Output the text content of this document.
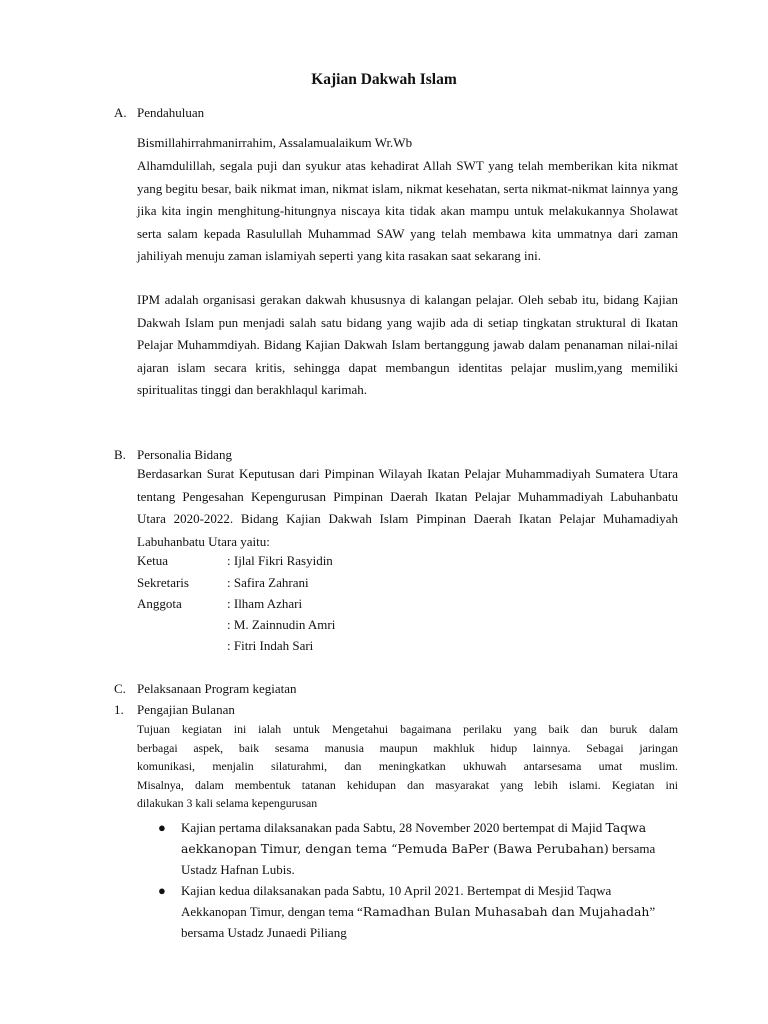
Kajian Dakwah Islam
A. Pendahuluan
Bismillahirrahmanirrahim, Assalamualaikum Wr.Wb
Alhamdulillah, segala puji dan syukur atas kehadirat Allah SWT yang telah memberikan kita nikmat yang begitu besar, baik nikmat iman, nikmat islam, nikmat kesehatan, serta nikmat-nikmat lainnya yang jika kita ingin menghitung-hitungnya niscaya kita tidak akan mampu untuk melakukannya Sholawat serta salam kepada Rasulullah Muhammad SAW yang telah membawa kita ummatnya dari zaman jahiliyah menuju zaman islamiyah seperti yang kita rasakan saat sekarang ini.
IPM adalah organisasi gerakan dakwah khususnya di kalangan pelajar. Oleh sebab itu, bidang Kajian Dakwah Islam pun menjadi salah satu bidang yang wajib ada di setiap tingkatan struktural di Ikatan Pelajar Muhammdiyah. Bidang Kajian Dakwah Islam bertanggung jawab dalam penanaman nilai-nilai ajaran islam secara kritis, sehingga dapat membangun identitas pelajar muslim,yang memiliki spiritualitas tinggi dan berakhlaqul karimah.
B. Personalia Bidang
Berdasarkan Surat Keputusan dari Pimpinan Wilayah Ikatan Pelajar Muhammadiyah Sumatera Utara tentang Pengesahan Kepengurusan Pimpinan Daerah Ikatan Pelajar Muhammadiyah Labuhanbatu Utara 2020-2022. Bidang Kajian Dakwah Islam Pimpinan Daerah Ikatan Pelajar Muhamadiyah Labuhanbatu Utara yaitu:
Ketua	: Ijlal Fikri Rasyidin
Sekretaris	: Safira Zahrani
Anggota	: Ilham Azhari
: M. Zainnudin Amri
: Fitri Indah Sari
C. Pelaksanaan Program kegiatan
1. Pengajian Bulanan
Tujuan kegiatan ini ialah untuk Mengetahui bagaimana perilaku yang baik dan buruk dalam
berbagai aspek, baik sesama manusia maupun makhluk hidup lainnya. Sebagai jaringan
komunikasi, menjalin silaturahmi, dan meningkatkan ukhuwah antarsesama umat muslim.
Misalnya, dalam membentuk tatanan kehidupan dan masyarakat yang lebih islami. Kegiatan ini
dilakukan 3 kali selama kepengurusan
● Kajian pertama dilaksanakan pada Sabtu, 28 November 2020 bertempat di Majid Taqwa aekkanopan Timur, dengan tema “Pemuda BaPer (Bawa Perubahan) bersama Ustadz Hafnan Lubis.
● Kajian kedua dilaksanakan pada Sabtu, 10 April 2021. Bertempat di Mesjid Taqwa Aekkanopan Timur, dengan tema “Ramadhan Bulan Muhasabah dan Mujahadah” bersama Ustadz Junaedi Piliang
